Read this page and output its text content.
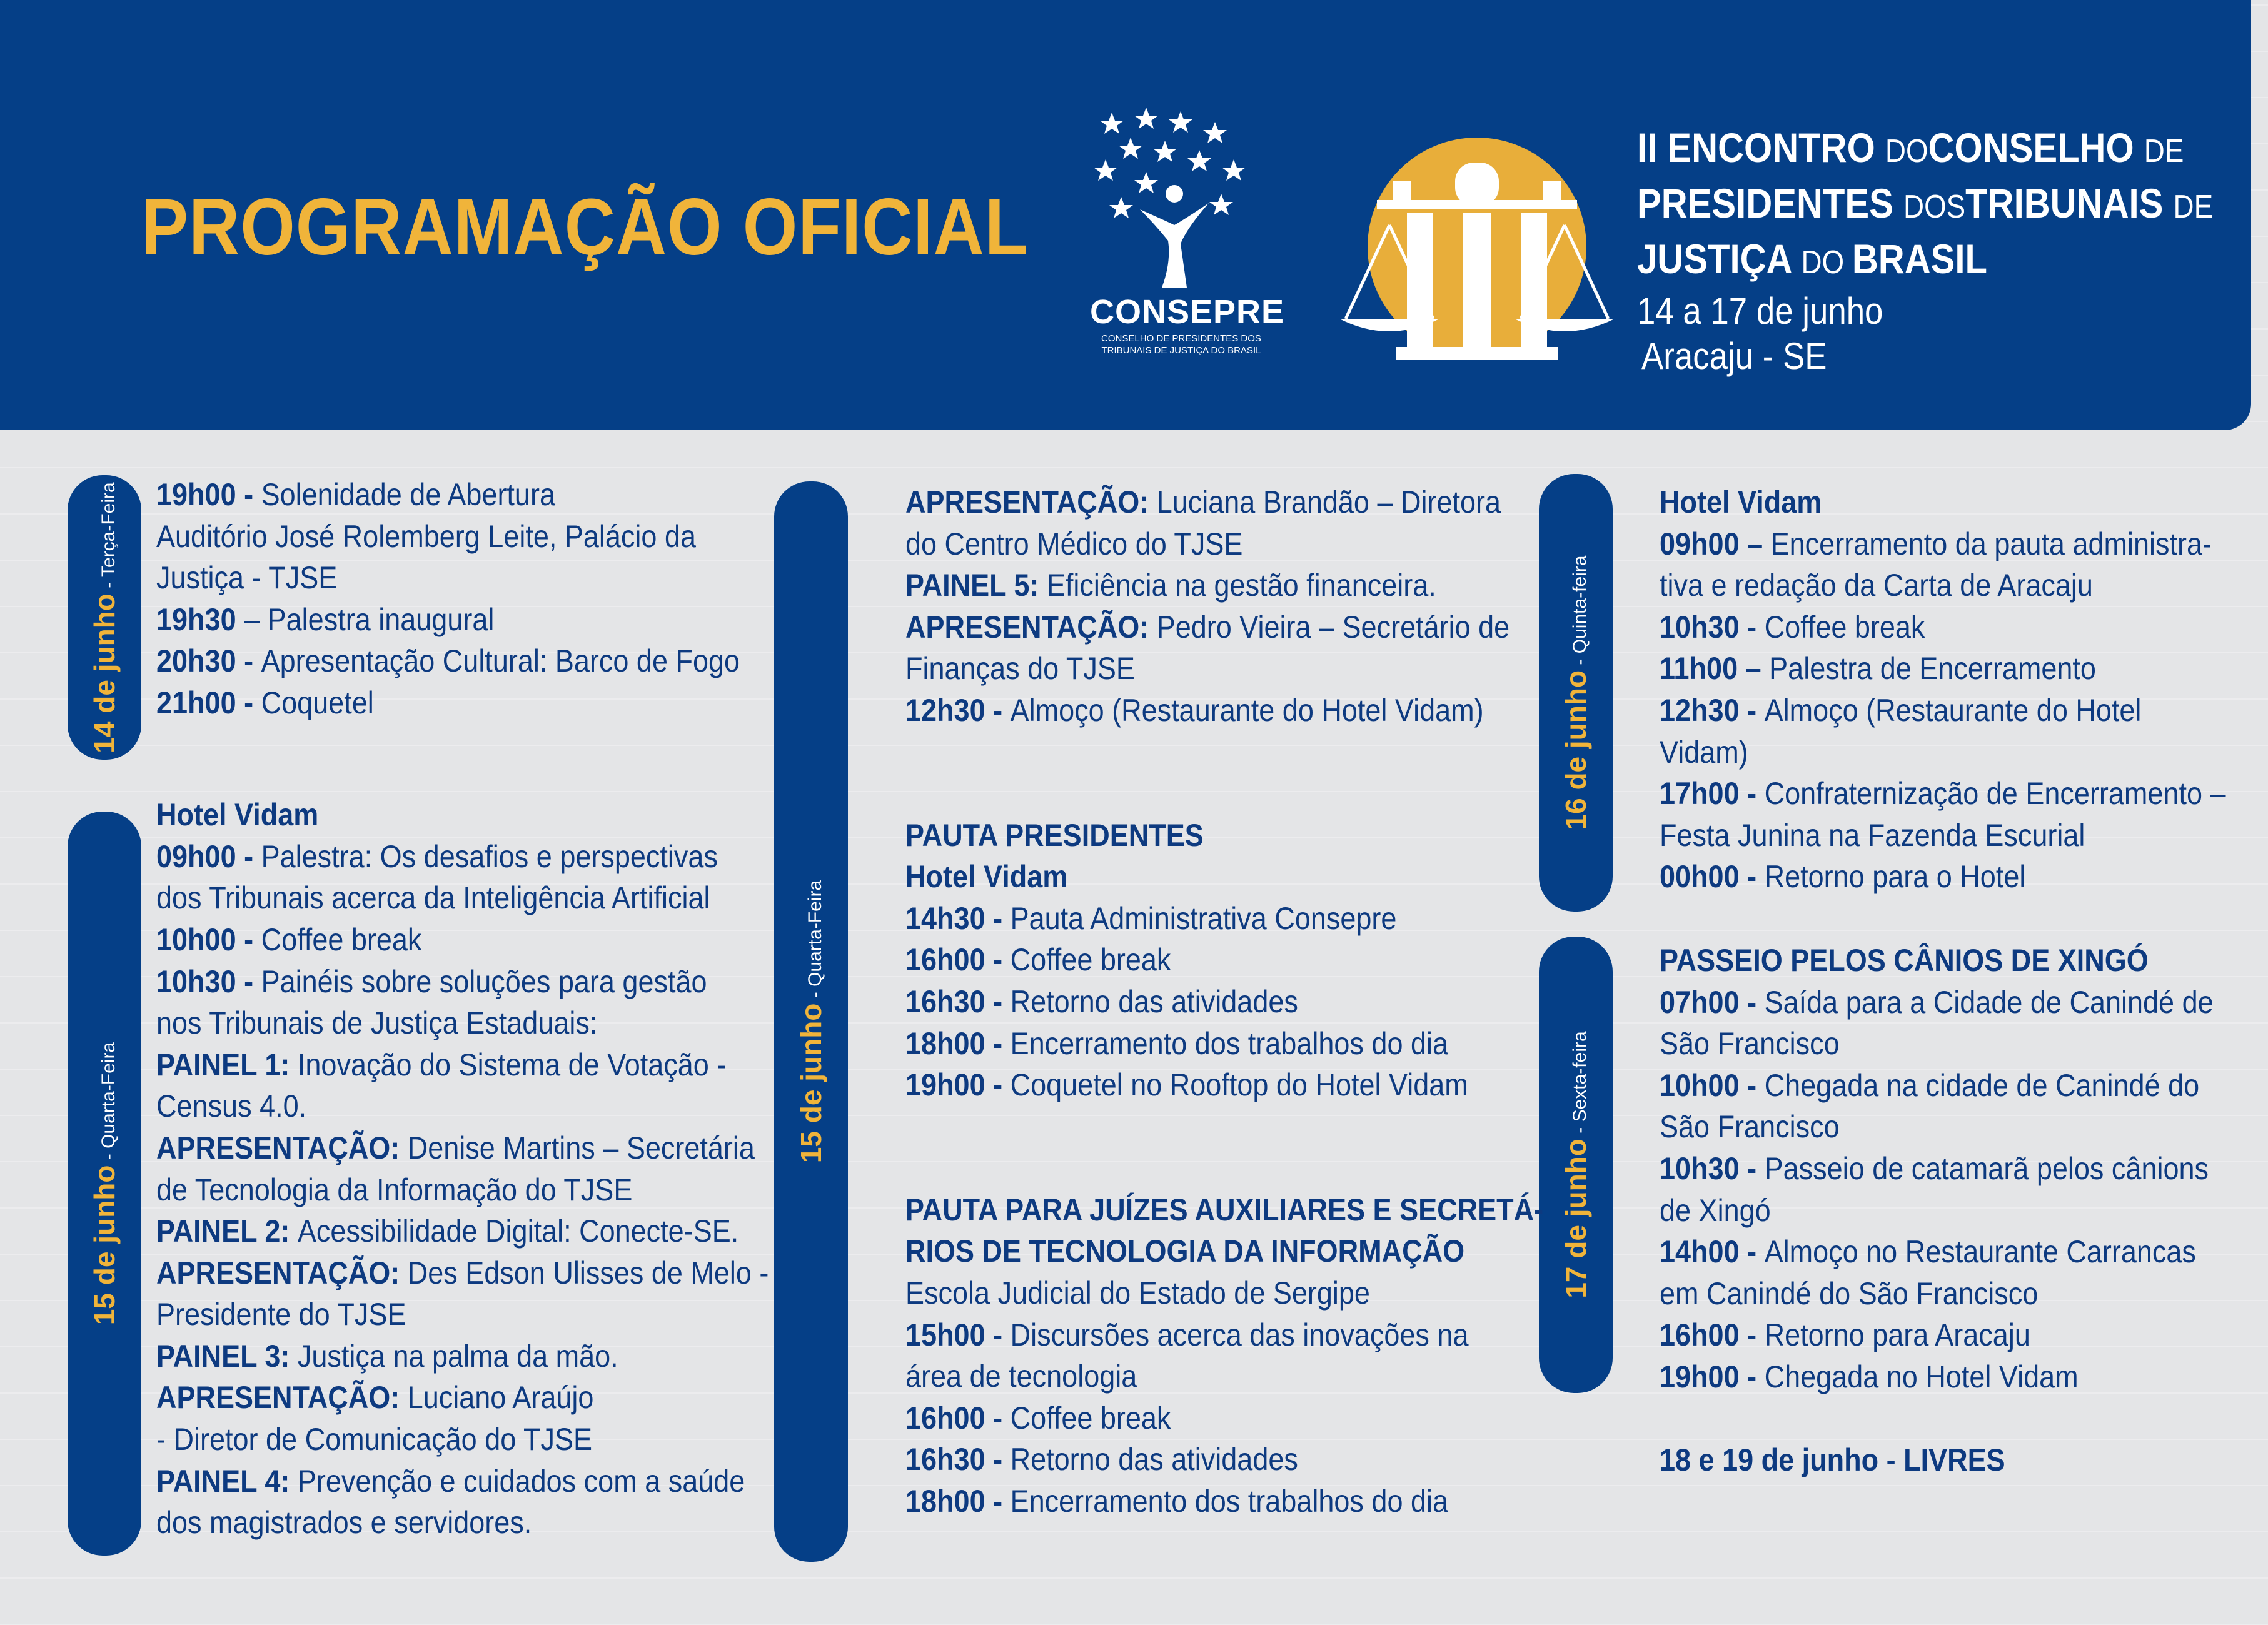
PROGRAMAÇÃO OFICIAL
CONSEPRE
CONSELHO DE PRESIDENTES DOS
TRIBUNAIS DE JUSTIÇA DO BRASIL
II ENCONTRO DOCONSELHO DE
PRESIDENTES DOSTRIBUNAIS DE
JUSTIÇA DO BRASIL
14 a 17 de junho
Aracaju - SE
14 de junho - Terça-Feira
15 de junho - Quarta-Feira	15 de junho - Quarta-Feira
16 de junho - Quinta-feira
17 de junho - Sexta-feira
19h00 - Solenidade de Abertura
Auditório José Rolemberg Leite, Palácio da
Justiça - TJSE
19h30 – Palestra inaugural
20h30 - Apresentação Cultural: Barco de Fogo
21h00 - Coquetel
Hotel Vidam
09h00 - Palestra: Os desafios e perspectivas
dos Tribunais acerca da Inteligência Artificial
10h00 - Coffee break
10h30 - Painéis sobre soluções para gestão
nos Tribunais de Justiça Estaduais:
PAINEL 1: Inovação do Sistema de Votação -
Census 4.0.
APRESENTAÇÃO: Denise Martins – Secretária
de Tecnologia da Informação do TJSE
PAINEL 2: Acessibilidade Digital: Conecte-SE.
APRESENTAÇÃO: Des Edson Ulisses de Melo -
Presidente do TJSE
PAINEL 3: Justiça na palma da mão.
APRESENTAÇÃO: Luciano Araújo
- Diretor de Comunicação do TJSE
PAINEL 4: Prevenção e cuidados com a saúde
dos magistrados e servidores.
APRESENTAÇÃO: Luciana Brandão – Diretora
do Centro Médico do TJSE
PAINEL 5: Eficiência na gestão financeira.
APRESENTAÇÃO: Pedro Vieira – Secretário de
Finanças do TJSE
12h30 - Almoço (Restaurante do Hotel Vidam)
PAUTA PRESIDENTES
Hotel Vidam
14h30 - Pauta Administrativa Consepre
16h00 - Coffee break
16h30 - Retorno das atividades
18h00 - Encerramento dos trabalhos do dia
19h00 - Coquetel no Rooftop do Hotel Vidam
PAUTA PARA JUÍZES AUXILIARES E SECRETÁ-
RIOS DE TECNOLOGIA DA INFORMAÇÃO
Escola Judicial do Estado de Sergipe
15h00 - Discursões acerca das inovações na
área de tecnologia
16h00 - Coffee break
16h30 - Retorno das atividades
18h00 - Encerramento dos trabalhos do dia
Hotel Vidam
09h00 – Encerramento da pauta administra-
tiva e redação da Carta de Aracaju
10h30 - Coffee break
11h00 – Palestra de Encerramento
12h30 - Almoço (Restaurante do Hotel
Vidam)
17h00 - Confraternização de Encerramento –
Festa Junina na Fazenda Escurial
00h00 - Retorno para o Hotel
PASSEIO PELOS CÂNIOS DE XINGÓ
07h00 - Saída para a Cidade de Canindé de
São Francisco
10h00 - Chegada na cidade de Canindé do
São Francisco
10h30 - Passeio de catamarã pelos cânions
de Xingó
14h00 - Almoço no Restaurante Carrancas
em Canindé do São Francisco
16h00 - Retorno para Aracaju
19h00 - Chegada no Hotel Vidam
18 e 19 de junho - LIVRES
